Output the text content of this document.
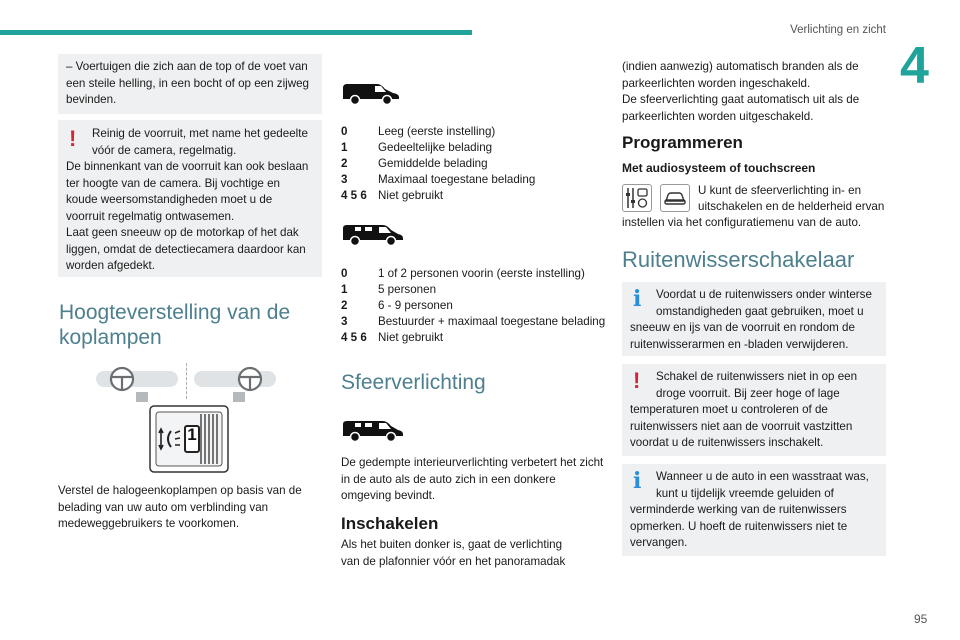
Verlichting en zicht
4

– Voertuigen die zich aan de top of de voet van een steile helling, in een bocht of op een zijweg bevinden.

!	Reinig de voorruit, met name het gedeelte

vóór de camera, regelmatig.

De binnenkant van de voorruit kan ook beslaan ter hoogte van de camera. Bij vochtige en koude weersomstandigheden moet u de voorruit regelmatig ontwasemen.
Laat geen sneeuw op de motorkap of het dak liggen, omdat de detectiecamera daardoor kan worden afgedekt.

Hoogteverstelling van de koplampen
1
Verstel de halogeenkoplampen op basis van de belading van uw auto om verblinding van medeweggebruikers te voorkomen.
0	Leeg (eerste instelling)
1	Gedeeltelijke belading
2	Gemiddelde belading
3	Maximaal toegestane belading
4 5 6 Niet gebruikt
0	1 of 2 personen voorin (eerste instelling)
1	5 personen
2	6 - 9 personen
3	Bestuurder + maximaal toegestane belading
4 5 6 Niet gebruikt
Sfeerverlichting
De gedempte interieurverlichting verbetert het zicht in de auto als de auto zich in een donkere omgeving bevindt.
Inschakelen
Als het buiten donker is, gaat de verlichting van de plafonnier vóór en het panoramadak
(indien aanwezig) automatisch branden als de parkeerlichten worden ingeschakeld.
De sfeerverlichting gaat automatisch uit als de parkeerlichten worden uitgeschakeld.
Programmeren
Met audiosysteem of touchscreen
U kunt de sfeerverlichting in- en
uitschakelen en de helderheid ervan
instellen via het configuratiemenu van de auto.
Ruitenwisserschakelaar
i	Voordat u de ruitenwissers onder winterse

omstandigheden gaat gebruiken, moet u

sneeuw en ijs van de voorruit en rondom de ruitenwisserarmen en -bladen verwijderen.

!	Schakel de ruitenwissers niet in op een

droge voorruit. Bij zeer hoge of lage

temperaturen moet u controleren of de ruitenwissers niet aan de voorruit vastzitten voordat u de ruitenwissers inschakelt.

i	Wanneer u de auto in een wasstraat was,

kunt u tijdelijk vreemde geluiden of

verminderde werking van de ruitenwissers opmerken. U hoeft de ruitenwissers niet te vervangen.

95
